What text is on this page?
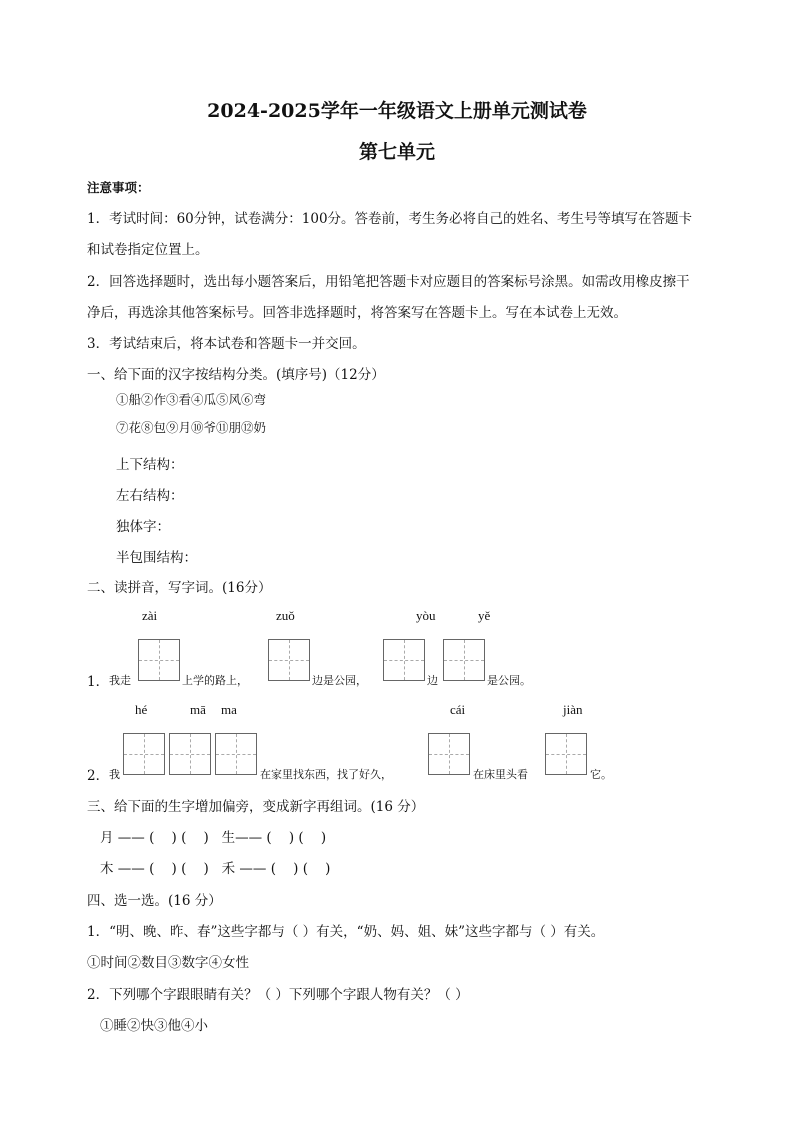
2024-2025学年一年级语文上册单元测试卷
第七单元
注意事项：
1．考试时间：60分钟，试卷满分：100分。答卷前，考生务必将自己的姓名、考生号等填写在答题卡
和试卷指定位置上。
2．回答选择题时，选出每小题答案后，用铅笔把答题卡对应题目的答案标号涂黑。如需改用橡皮擦干
净后，再选涂其他答案标号。回答非选择题时，将答案写在答题卡上。写在本试卷上无效。
3．考试结束后，将本试卷和答题卡一并交回。
一、给下面的汉字按结构分类。(填序号)（12分）
①船②作③看④瓜⑤风⑥弯
⑦花⑧包⑨月⑩爷⑪朋⑫奶
上下结构：
左右结构：
独体字：
半包围结构：
二、读拼音，写字词。(16分）
zài	zuǒ	yòu	yě
1． 我走	上学的路上，	边是公园，	边	是公园。
hé	mā ma	cái	jiàn
2． 我	在家里找东西，找了好久，	在床里头看	它。
三、给下面的生字增加偏旁，变成新字再组词。(16 分）
月 —— (    ) (    )   生—— (    ) (    )
木 —— (    ) (    )   禾 —— (    ) (    )
四、选一选。(16 分）
1．“明、晚、昨、春”这些字都与（ ）有关，“奶、妈、姐、妹”这些字都与（ ）有关。
①时间②数目③数字④女性
2．下列哪个字跟眼睛有关？（ ）下列哪个字跟人物有关？（ ）
①睡②快③他④小
